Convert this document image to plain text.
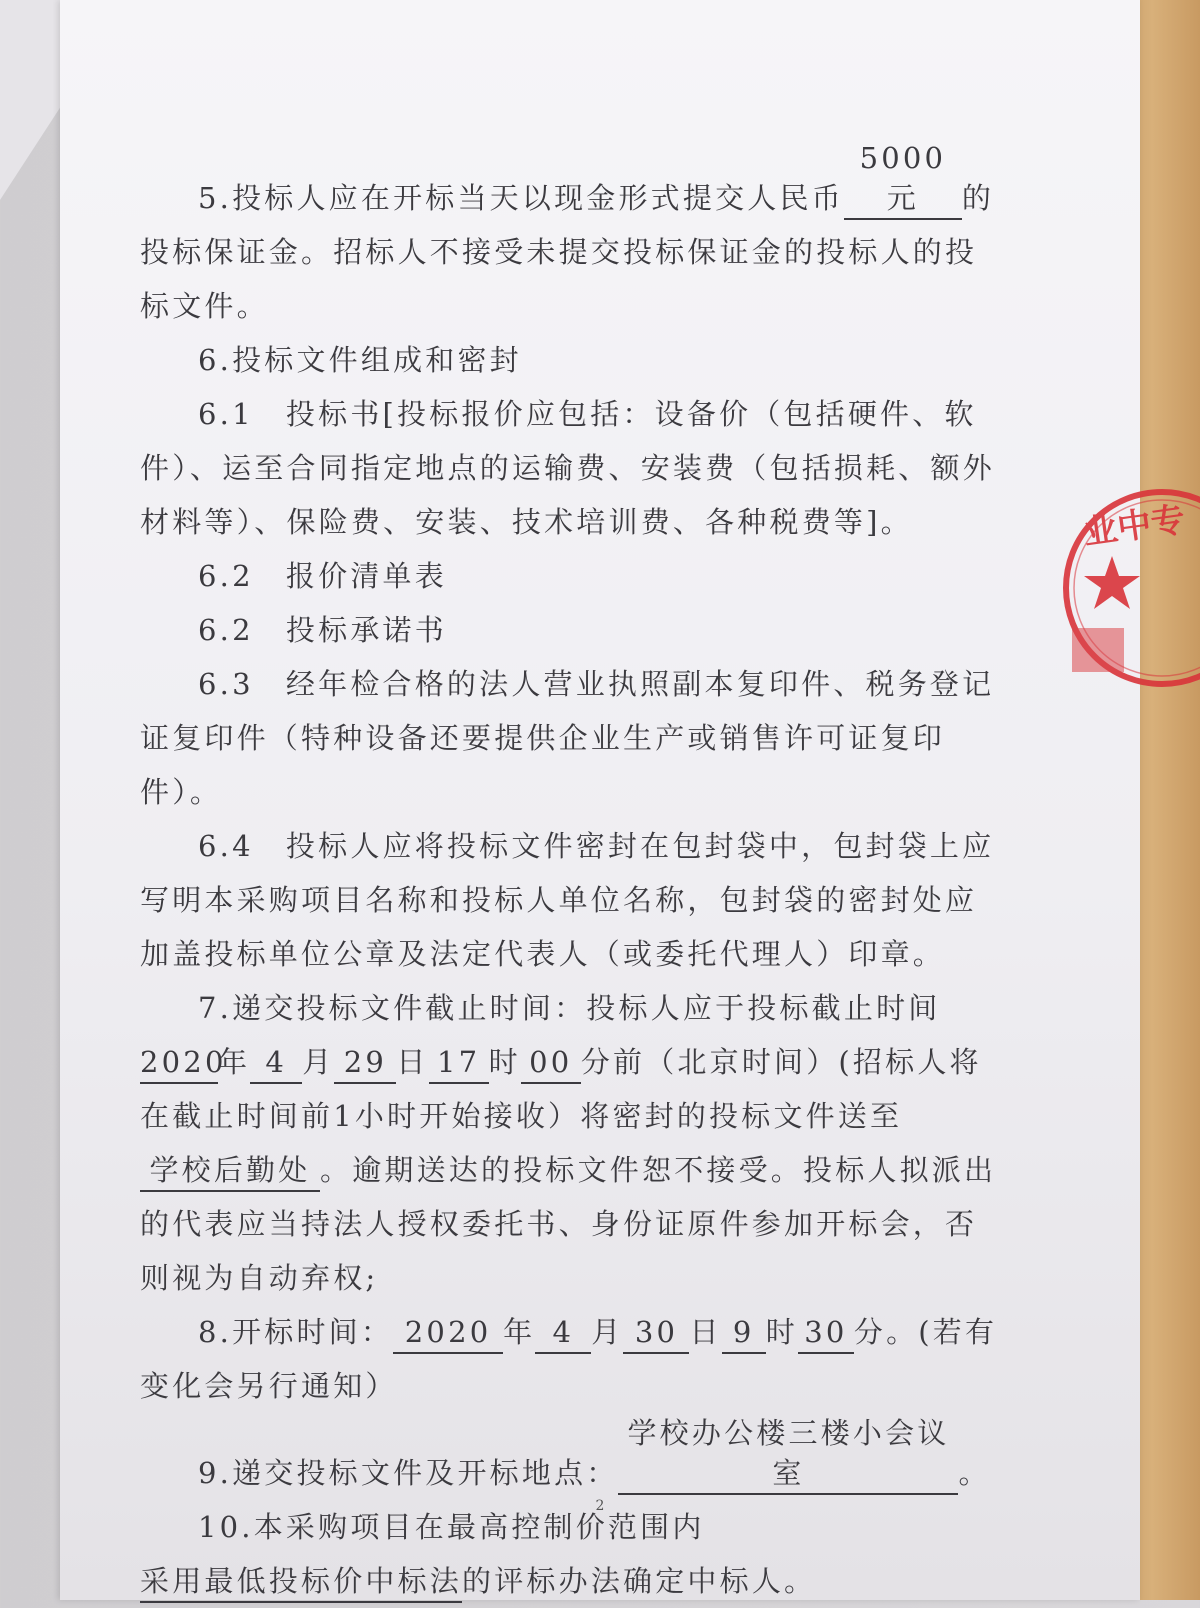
5.投标人应在开标当天以现金形式提交人民币5000元 的投标保证金。招标人不接受未提交投标保证金的投标人的投标文件。

6.投标文件组成和密封

6.1　投标书[投标报价应包括：设备价（包括硬件、软件）、运至合同指定地点的运输费、安装费（包括损耗、额外材料等）、保险费、安装、技术培训费、各种税费等]。

6.2　报价清单表

6.2　投标承诺书

6.3　经年检合格的法人营业执照副本复印件、税务登记证复印件（特种设备还要提供企业生产或销售许可证复印件）。

6.4　投标人应将投标文件密封在包封袋中，包封袋上应写明本采购项目名称和投标人单位名称，包封袋的密封处应加盖投标单位公章及法定代表人（或委托代理人）印章。

7.递交投标文件截止时间：投标人应于投标截止时间2020年 4 月 29 日 17 时 00 分前（北京时间）(招标人将在截止时间前1小时开始接收）将密封的投标文件送至学校后勤处 。逾期送达的投标文件恕不接受。投标人拟派出的代表应当持法人授权委托书、身份证原件参加开标会，否则视为自动弃权;

8.开标时间： 2020 年 4 月 30 日 9 时 30 分。(若有变化会另行通知）

9.递交投标文件及开标地点：学校办公楼三楼小会议室	。

10.本采购项目在最高控制价范围内采用最低投标价中标法的评标办法确定中标人。

2
业中专
